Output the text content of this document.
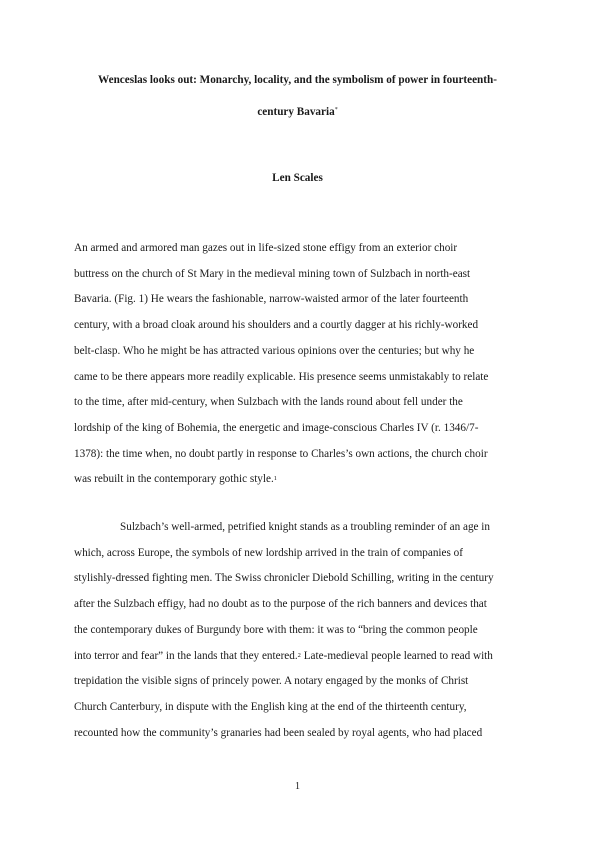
Wenceslas looks out: Monarchy, locality, and the symbolism of power in fourteenth-
century Bavaria*
Len Scales
An armed and armored man gazes out in life-sized stone effigy from an exterior choir
buttress on the church of St Mary in the medieval mining town of Sulzbach in north-east
Bavaria. (Fig. 1) He wears the fashionable, narrow-waisted armor of the later fourteenth
century, with a broad cloak around his shoulders and a courtly dagger at his richly-worked
belt-clasp. Who he might be has attracted various opinions over the centuries; but why he
came to be there appears more readily explicable. His presence seems unmistakably to relate
to the time, after mid-century, when Sulzbach with the lands round about fell under the
lordship of the king of Bohemia, the energetic and image-conscious Charles IV (r. 1346/7-
1378): the time when, no doubt partly in response to Charles’s own actions, the church choir
was rebuilt in the contemporary gothic style.$^1$
Sulzbach’s well-armed, petrified knight stands as a troubling reminder of an age in
which, across Europe, the symbols of new lordship arrived in the train of companies of
stylishly-dressed fighting men. The Swiss chronicler Diebold Schilling, writing in the century
after the Sulzbach effigy, had no doubt as to the purpose of the rich banners and devices that
the contemporary dukes of Burgundy bore with them: it was to “bring the common people
into terror and fear” in the lands that they entered.$^2$ Late-medieval people learned to read with
trepidation the visible signs of princely power. A notary engaged by the monks of Christ
Church Canterbury, in dispute with the English king at the end of the thirteenth century,
recounted how the community’s granaries had been sealed by royal agents, who had placed
1
